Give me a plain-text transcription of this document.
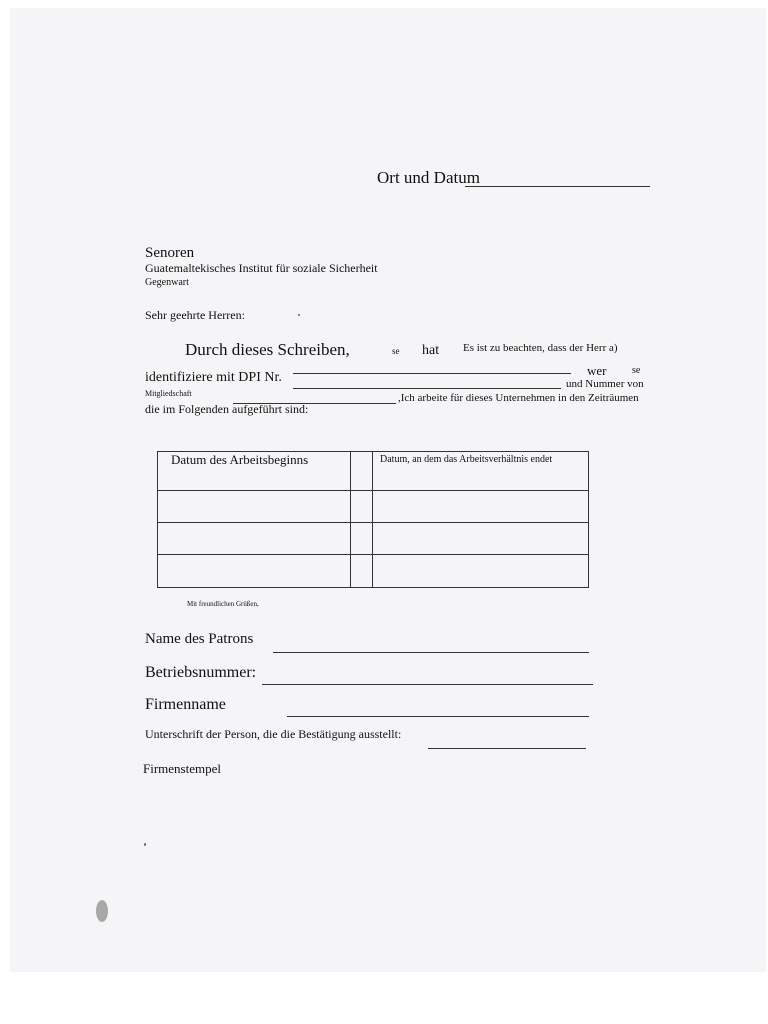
Ort und Datum
Senoren
Guatemaltekisches Institut für soziale Sicherheit
Gegenwart
Sehr geehrte Herren:
Durch dieses Schreiben,	se hat Es ist zu beachten, dass der Herr a)
identifiziere mit DPI Nr.	wer	se
und Nummer von
Mitgliedschaft	,Ich arbeite für dieses Unternehmen in den Zeiträumen
die im Folgenden aufgeführt sind:
Datum des Arbeitsbeginns	Datum, an dem das Arbeitsverhältnis endet
Mit freundlichen Grüßen,
Name des Patrons
Betriebsnummer:
Firmenname
Unterschrift der Person, die die Bestätigung ausstellt:
Firmenstempel
